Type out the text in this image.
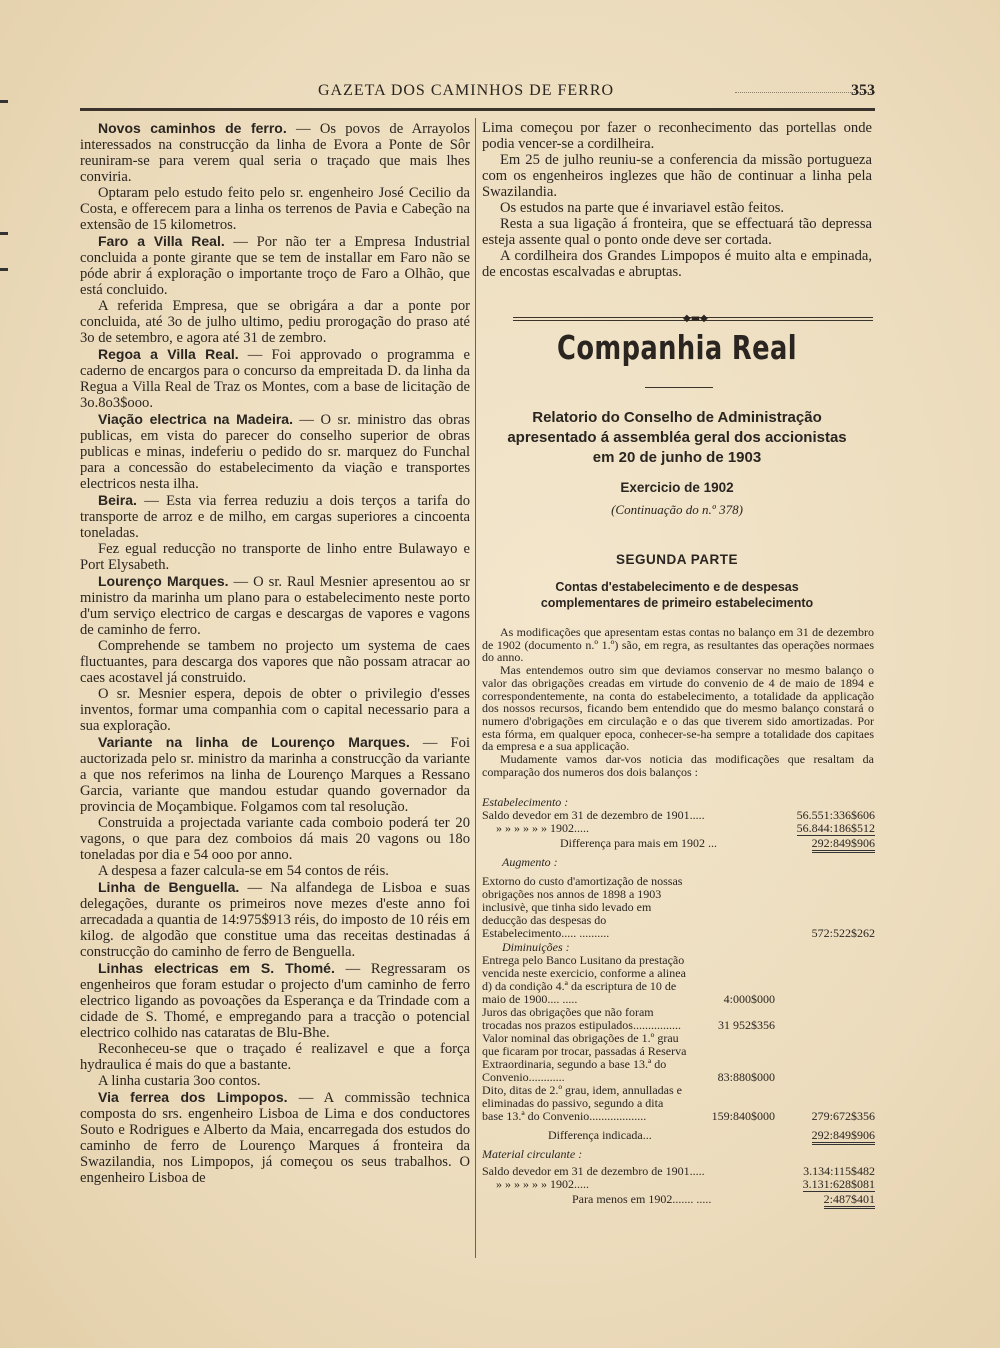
GAZETA DOS CAMINHOS DE FERRO	353

Novos caminhos de ferro. — Os povos de Arrayolos interessados na construcção da linha de Evora a Ponte de Sôr reuniram-se para verem qual seria o traçado que mais lhes conviria.

Optaram pelo estudo feito pelo sr. engenheiro José Cecilio da Costa, e offerecem para a linha os terrenos de Pavia e Cabeção na extensão de 15 kilometros.

Faro a Villa Real. — Por não ter a Empresa Industrial concluida a ponte girante que se tem de installar em Faro não se póde abrir á exploração o importante troço de Faro a Olhão, que está concluido.

A referida Empresa, que se obrigára a dar a ponte por concluida, até 3o de julho ultimo, pediu prorogação do praso até 3o de setembro, e agora até 31 de zembro.

Regoa a Villa Real. — Foi approvado o programma e caderno de encargos para o concurso da empreitada D. da linha da Regua a Villa Real de Traz os Montes, com a base de licitação de 3o.8o3$ooo.

Viação electrica na Madeira. — O sr. ministro das obras publicas, em vista do parecer do conselho superior de obras publicas e minas, indeferiu o pedido do sr. marquez do Funchal para a concessão do estabelecimento da viação e transportes electricos nesta ilha.

Beira. — Esta via ferrea reduziu a dois terços a tarifa do transporte de arroz e de milho, em cargas superiores a cincoenta toneladas.

Fez egual reducção no transporte de linho entre Bulawayo e Port Elysabeth.

Lourenço Marques. — O sr. Raul Mesnier apresentou ao sr ministro da marinha um plano para o estabelecimento neste porto d'um serviço electrico de cargas e descargas de vapores e vagons de caminho de ferro.

Comprehende se tambem no projecto um systema de caes fluctuantes, para descarga dos vapores que não possam atracar ao caes acostavel já construido.

O sr. Mesnier espera, depois de obter o privilegio d'esses inventos, formar uma companhia com o capital necessario para a sua exploração.

Variante na linha de Lourenço Marques. — Foi auctorizada pelo sr. ministro da marinha a construcção da variante a que nos referimos na linha de Lourenço Marques a Ressano Garcia, variante que mandou estudar quando governador da provincia de Moçambique. Folgamos com tal resolução.

Construida a projectada variante cada comboio poderá ter 20 vagons, o que para dez comboios dá mais 20 vagons ou 18o toneladas por dia e 54 ooo por anno.

A despesa a fazer calcula-se em 54 contos de réis.

Linha de Benguella. — Na alfandega de Lisboa e suas delegações, durante os primeiros nove mezes d'este anno foi arrecadada a quantia de 14:975$913 réis, do imposto de 10 réis em kilog. de algodão que constitue uma das receitas destinadas á construcção do caminho de ferro de Benguella.

Linhas electricas em S. Thomé. — Regressaram os engenheiros que foram estudar o projecto d'um caminho de ferro electrico ligando as povoações da Esperança e da Trindade com a cidade de S. Thomé, e empregando para a tracção o potencial electrico colhido nas cataratas de Blu-Bhe.

Reconheceu-se que o traçado é realizavel e que a força hydraulica é mais do que a bastante.

A linha custaria 3oo contos.

Via ferrea dos Limpopos. — A commissão technica composta do srs. engenheiro Lisboa de Lima e dos conductores Souto e Rodrigues e Alberto da Maia, encarregada dos estudos do caminho de ferro de Lourenço Marques á fronteira da Swazilandia, nos Limpopos, já começou os seus trabalhos. O engenheiro Lisboa de

Lima começou por fazer o reconhecimento das portellas onde podia vencer-se a cordilheira.

Em 25 de julho reuniu-se a conferencia da missão portugueza com os engenheiros inglezes que hão de continuar a linha pela Swazilandia.

Os estudos na parte que é invariavel estão feitos.

Resta a sua ligação á fronteira, que se effectuará tão depressa esteja assente qual o ponto onde deve ser cortada.

A cordilheira dos Grandes Limpopos é muito alta e empinada, de encostas escalvadas e abruptas.

◆▬◆
Companhia Real
Relatorio do Conselho de Administração
apresentado á assembléa geral dos accionistas
em 20 de junho de 1903
Exercicio de 1902
(Continuação do n.º 378)
SEGUNDA PARTE
Contas d'estabelecimento e de despesas
complementares de primeiro estabelecimento

As modificações que apresentam estas contas no balanço em 31 de dezembro de 1902 (documento n.º 1.º) são, em regra, as resultantes das operações normaes do anno.

Mas entendemos outro sim que deviamos conservar no mesmo balanço o valor das obrigações creadas em virtude do convenio de 4 de maio de 1894 e correspondentemente, na conta do estabelecimento, a totalidade da applicação dos nossos recursos, ficando bem entendido que do mesmo balanço constará o numero d'obrigações em circulação e o das que tiverem sido amortizadas. Por esta fórma, em qualquer epoca, conhecer-se-ha sempre a totalidade dos capitaes da empresa e a sua applicação.

Mudamente vamos dar-vos noticia das modificações que resaltam da comparação dos numeros dos dois balanços :

Estabelecimento :
Saldo devedor em 31 de dezembro de 1901.....	56.551:336$606
» » » » » » 1902.....	56.844:186$512
Differença para mais em 1902 ...	292:849$906
Augmento :
Extorno do custo d'amortização de nossas obrigações nos annos de 1898 a 1903 inclusivè, que tinha sido levado em deducção das despesas do Estabelecimento..... ..........	572:522$262
Diminuições :
Entrega pelo Banco Lusitano da prestação vencida neste exercicio, conforme a alinea d) da condição 4.ª da escriptura de 10 de maio de 1900.... .....	4:000$000
Juros das obrigações que não foram trocadas nos prazos estipulados................	31 952$356
Valor nominal das obrigações de 1.º grau que ficaram por trocar, passadas á Reserva Extraordinaria, segundo a base 13.ª do Convenio............	83:880$000
Dito, ditas de 2.º grau, idem, annulladas e eliminadas do passivo, segundo a dita base 13.ª do Convenio...................	159:840$000	279:672$356
Differença indicada...	292:849$906
Material circulante :
Saldo devedor em 31 de dezembro de 1901.....	3.134:115$482
» » » » » » 1902.....	3.131:628$081
Para menos em 1902....... .....	2:487$401
